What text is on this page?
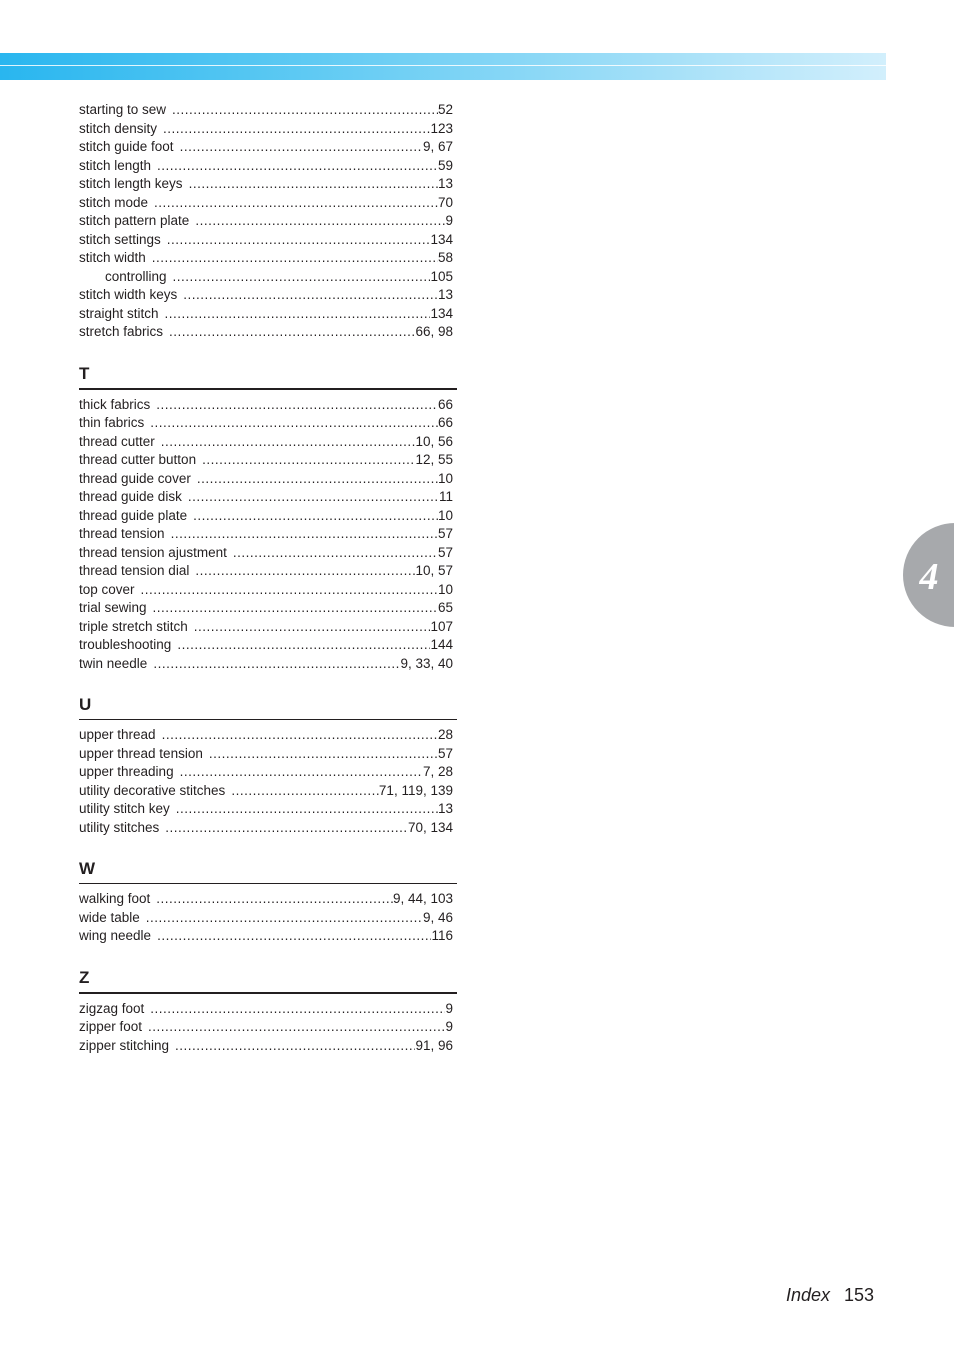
4
starting to sew .....	52
stitch density .....	123
stitch guide foot .....	9, 67
stitch length .....	59
stitch length keys .....	13
stitch mode .....	70
stitch pattern plate .....	9
stitch settings .....	134
stitch width .....	58
controlling .....	105
stitch width keys .....	13
straight stitch .....	134
stretch fabrics .....	66, 98
T
thick fabrics .....	66
thin fabrics .....	66
thread cutter .....	10, 56
thread cutter button .....	12, 55
thread guide cover .....	10
thread guide disk .....	11
thread guide plate .....	10
thread tension .....	57
thread tension ajustment .....	57
thread tension dial .....	10, 57
top cover .....	10
trial sewing .....	65
triple stretch stitch .....	107
troubleshooting .....	144
twin needle .....	9, 33, 40
U
upper thread .....	28
upper thread tension .....	57
upper threading .....	7, 28
utility decorative stitches .....	71, 119, 139
utility stitch key .....	13
utility stitches .....	70, 134
W
walking foot .....	9, 44, 103
wide table .....	9, 46
wing needle .....	116
Z
zigzag foot .....	9
zipper foot .....	9
zipper stitching .....	91, 96
Index 153
